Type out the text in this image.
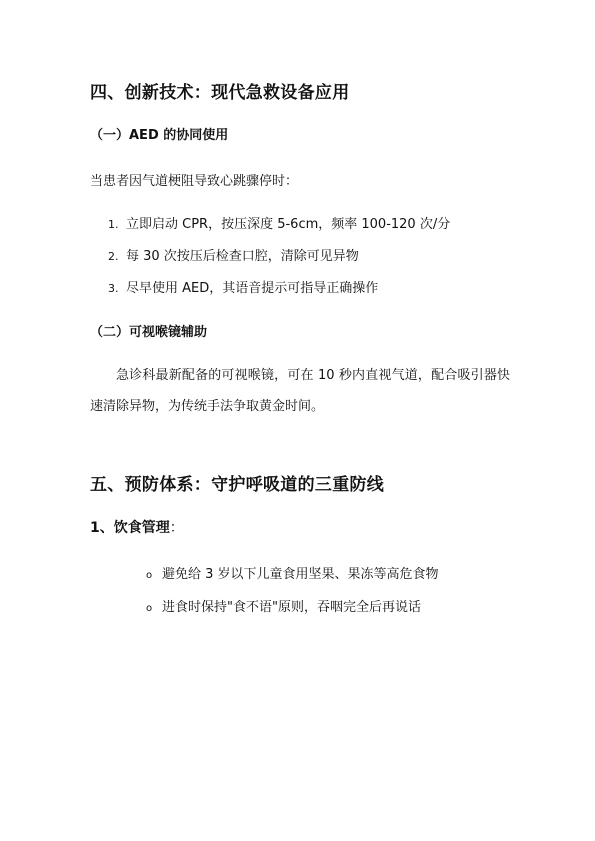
四、创新技术：现代急救设备应用
（一）AED 的协同使用
当患者因气道梗阻导致心跳骤停时：
1. 立即启动 CPR，按压深度 5-6cm，频率 100-120 次/分
2. 每 30 次按压后检查口腔，清除可见异物
3. 尽早使用 AED，其语音提示可指导正确操作
（二）可视喉镜辅助
急诊科最新配备的可视喉镜，可在 10 秒内直视气道，配合吸引器快速清除异物，为传统手法争取黄金时间。
五、预防体系：守护呼吸道的三重防线
1、饮食管理：
o 避免给 3 岁以下儿童食用坚果、果冻等高危食物
o 进食时保持"食不语"原则，吞咽完全后再说话
